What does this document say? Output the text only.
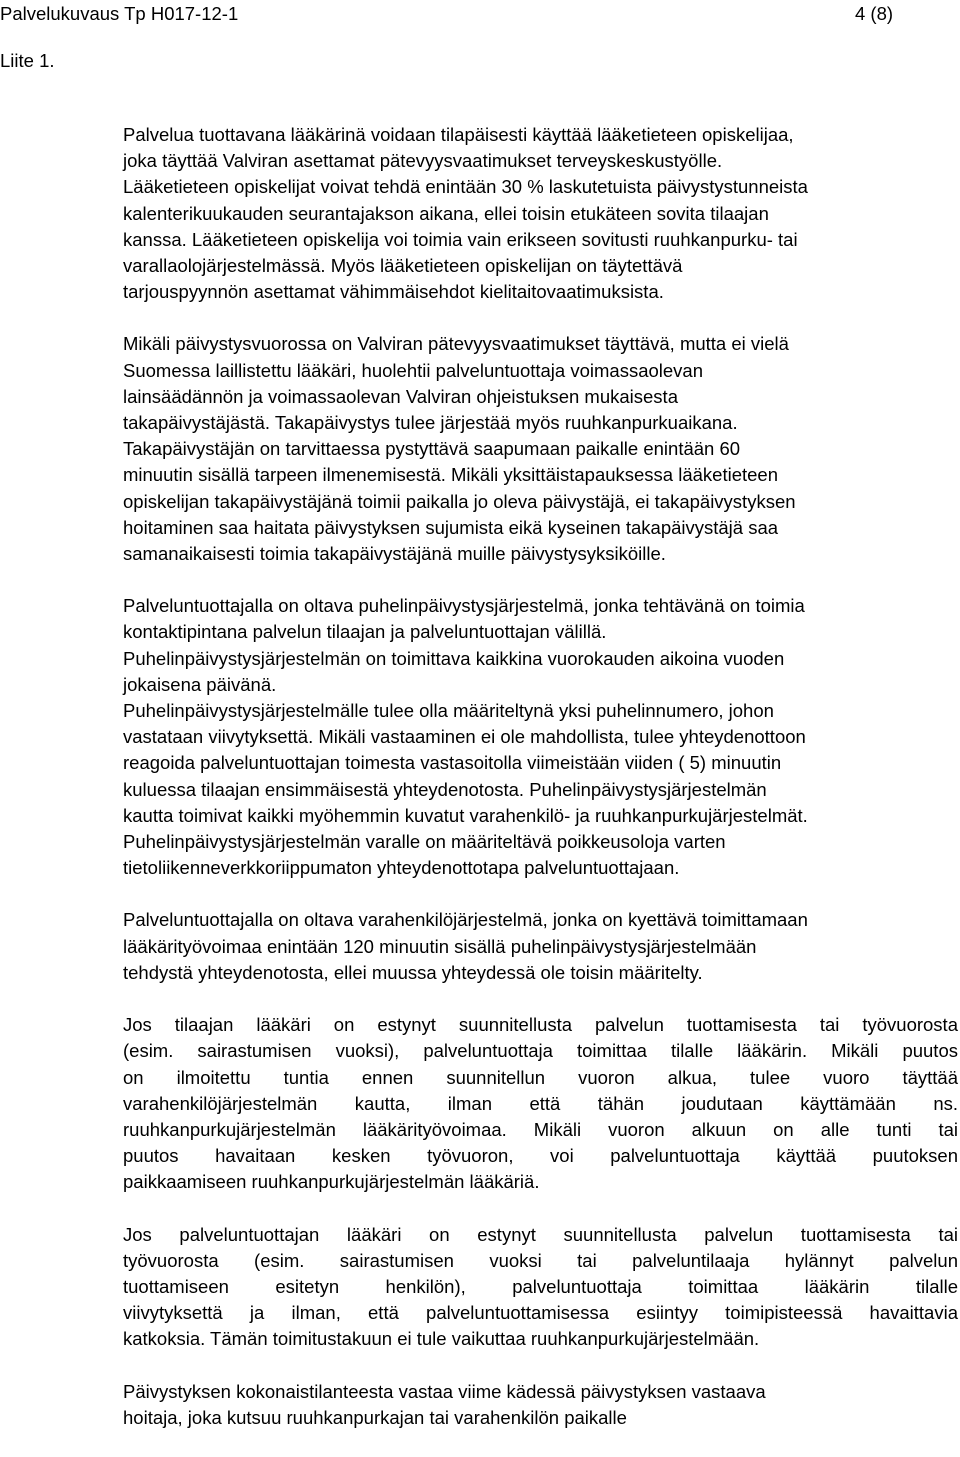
Palvelukuvaus Tp H017-12-1	4 (8)
Liite 1.

Palvelua tuottavana lääkärinä voidaan tilapäisesti käyttää lääketieteen opiskelijaa,
joka täyttää Valviran asettamat pätevyysvaatimukset terveyskeskustyölle.
Lääketieteen opiskelijat voivat tehdä enintään 30 % laskutetuista päivystystunneista
kalenterikuukauden seurantajakson aikana, ellei toisin etukäteen sovita tilaajan
kanssa. Lääketieteen opiskelija voi toimia vain erikseen sovitusti ruuhkanpurku- tai
varallaolojärjestelmässä. Myös lääketieteen opiskelijan on täytettävä
tarjouspyynnön asettamat vähimmäisehdot kielitaitovaatimuksista.

Mikäli päivystysvuorossa on Valviran pätevyysvaatimukset täyttävä, mutta ei vielä
Suomessa laillistettu lääkäri, huolehtii palveluntuottaja voimassaolevan
lainsäädännön ja voimassaolevan Valviran ohjeistuksen mukaisesta
takapäivystäjästä. Takapäivystys tulee järjestää myös ruuhkanpurkuaikana.
Takapäivystäjän on tarvittaessa pystyttävä saapumaan paikalle enintään 60
minuutin sisällä tarpeen ilmenemisestä. Mikäli yksittäistapauksessa lääketieteen
opiskelijan takapäivystäjänä toimii paikalla jo oleva päivystäjä, ei takapäivystyksen
hoitaminen saa haitata päivystyksen sujumista eikä kyseinen takapäivystäjä saa
samanaikaisesti toimia takapäivystäjänä muille päivystysyksiköille.

Palveluntuottajalla on oltava puhelinpäivystysjärjestelmä, jonka tehtävänä on toimia
kontaktipintana palvelun tilaajan ja palveluntuottajan välillä.
Puhelinpäivystysjärjestelmän on toimittava kaikkina vuorokauden aikoina vuoden
jokaisena päivänä.
Puhelinpäivystysjärjestelmälle tulee olla määriteltynä yksi puhelinnumero, johon
vastataan viivytyksettä. Mikäli vastaaminen ei ole mahdollista, tulee yhteydenottoon
reagoida palveluntuottajan toimesta vastasoitolla viimeistään viiden ( 5) minuutin
kuluessa tilaajan ensimmäisestä yhteydenotosta. Puhelinpäivystysjärjestelmän
kautta toimivat kaikki myöhemmin kuvatut varahenkilö- ja ruuhkanpurkujärjestelmät.
Puhelinpäivystysjärjestelmän varalle on määriteltävä poikkeusoloja varten
tietoliikenneverkkoriippumaton yhteydenottotapa palveluntuottajaan.

Palveluntuottajalla on oltava varahenkilöjärjestelmä, jonka on kyettävä toimittamaan
lääkärityövoimaa enintään 120 minuutin sisällä puhelinpäivystysjärjestelmään
tehdystä yhteydenotosta, ellei muussa yhteydessä ole toisin määritelty.

Jos tilaajan lääkäri on estynyt suunnitellusta palvelun tuottamisesta tai työvuorosta
(esim. sairastumisen vuoksi), palveluntuottaja toimittaa tilalle lääkärin. Mikäli puutos
on ilmoitettu tuntia ennen suunnitellun vuoron alkua, tulee vuoro täyttää
varahenkilöjärjestelmän kautta, ilman että tähän joudutaan käyttämään ns.
ruuhkanpurkujärjestelmän lääkärityövoimaa. Mikäli vuoron alkuun on alle tunti tai
puutos havaitaan kesken työvuoron, voi palveluntuottaja käyttää puutoksen
paikkaamiseen ruuhkanpurkujärjestelmän lääkäriä.

Jos palveluntuottajan lääkäri on estynyt suunnitellusta palvelun tuottamisesta tai
työvuorosta (esim. sairastumisen vuoksi tai palveluntilaaja hylännyt palvelun
tuottamiseen esitetyn henkilön), palveluntuottaja toimittaa lääkärin tilalle
viivytyksettä ja ilman, että palveluntuottamisessa esiintyy toimipisteessä havaittavia
katkoksia. Tämän toimitustakuun ei tule vaikuttaa ruuhkanpurkujärjestelmään.

Päivystyksen kokonaistilanteesta vastaa viime kädessä päivystyksen vastaava
hoitaja, joka kutsuu ruuhkanpurkajan tai varahenkilön paikalle
